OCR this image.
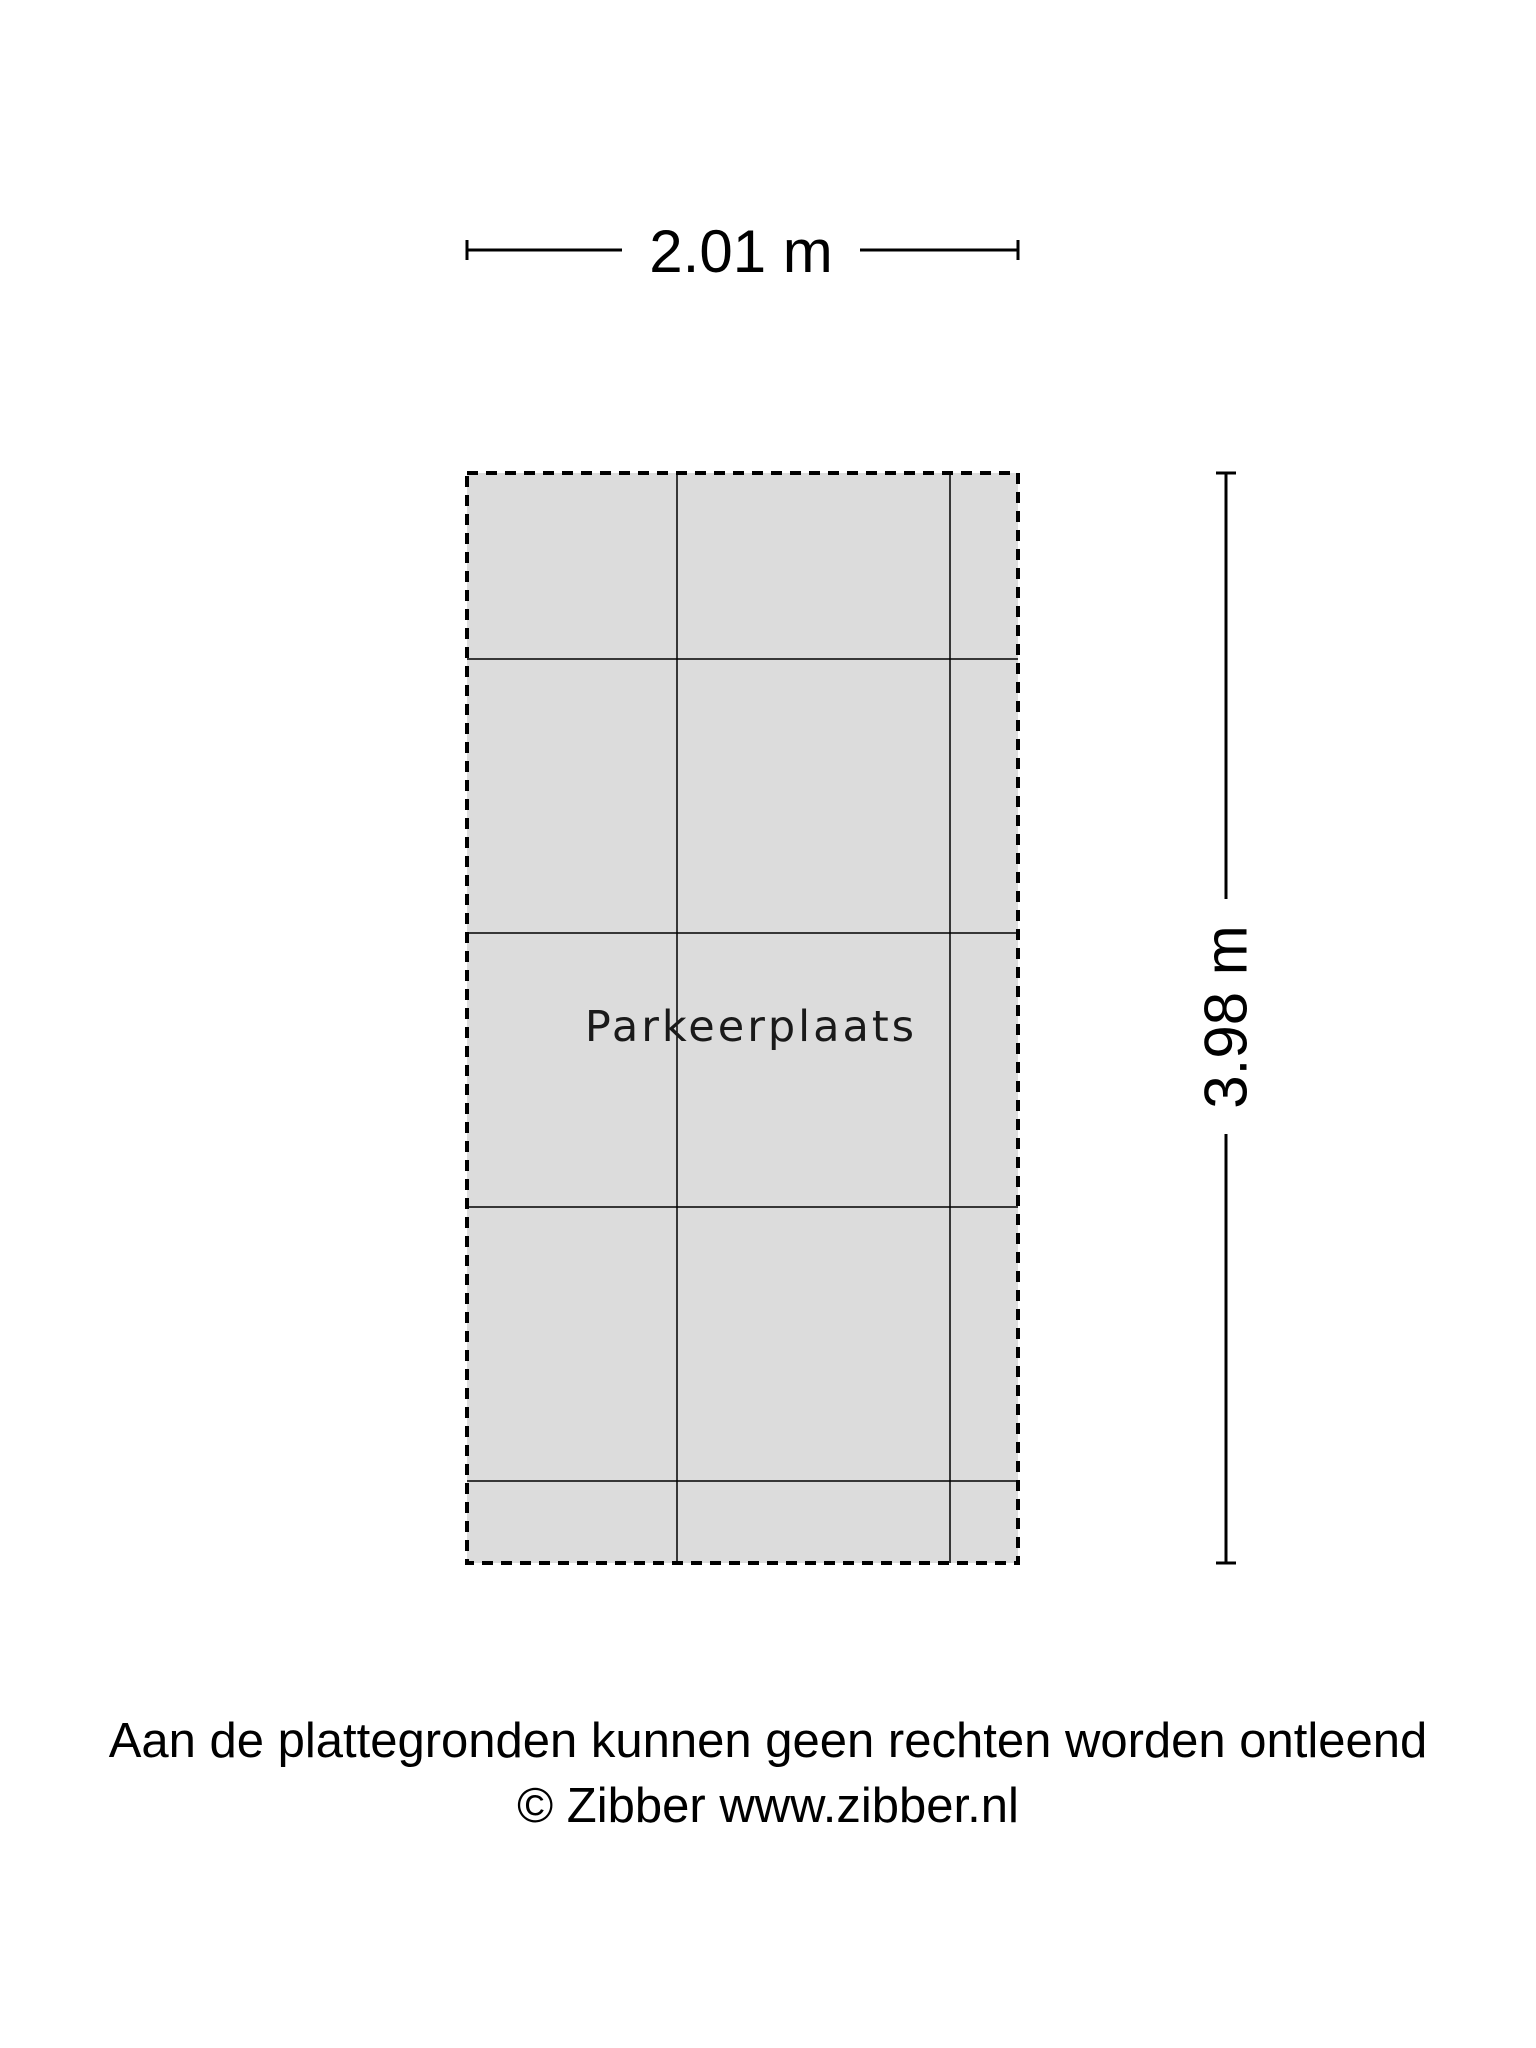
2.01 m
Parkeerplaats	3.98 m
Aan de plattegronden kunnen geen rechten worden ontleend
© Zibber www.zibber.nl
